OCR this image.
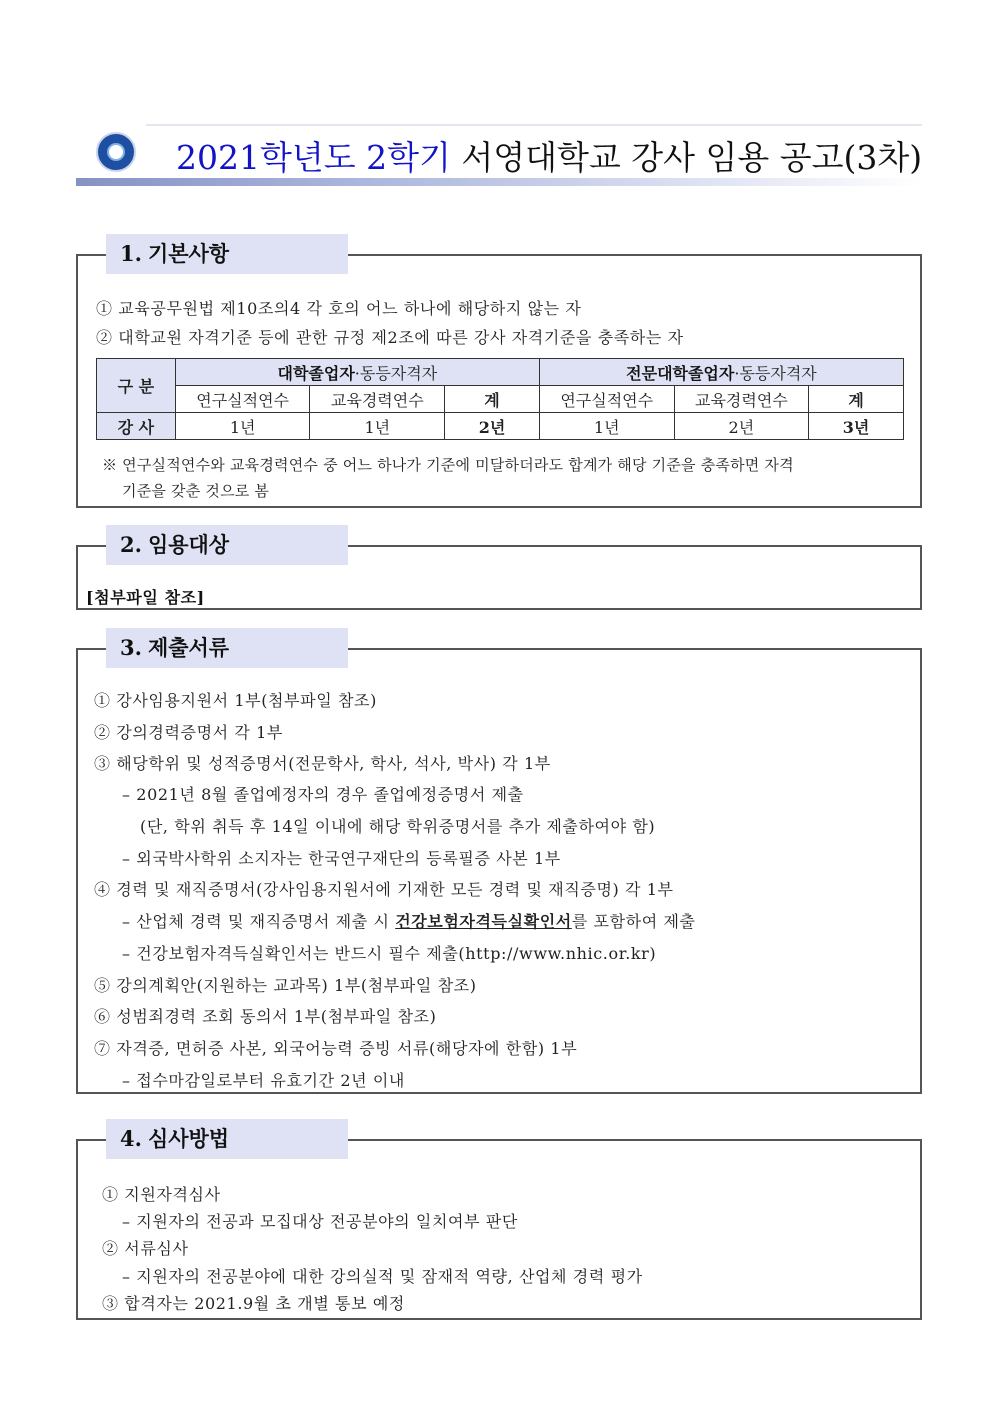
2021학년도 2학기 서영대학교 강사 임용 공고(3차)
1. 기본사항
① 교육공무원법 제10조의4 각 호의 어느 하나에 해당하지 않는 자
② 대학교원 자격기준 등에 관한 규정 제2조에 따른 강사 자격기준을 충족하는 자
구 분	대학졸업자·동등자격자			전문대학졸업자·동등자격자		
	연구실적연수	교육경력연수	계	연구실적연수	교육경력연수	계
강 사	1년	1년	2년	1년	2년	3년
※ 연구실적연수와 교육경력연수 중 어느 하나가 기준에 미달하더라도 합계가 해당 기준을 충족하면 자격
기준을 갖춘 것으로 봄
2. 임용대상
[첨부파일 참조]
3. 제출서류
① 강사임용지원서 1부(첨부파일 참조)
② 강의경력증명서 각 1부
③ 해당학위 및 성적증명서(전문학사, 학사, 석사, 박사) 각 1부
– 2021년 8월 졸업예정자의 경우 졸업예정증명서 제출
(단, 학위 취득 후 14일 이내에 해당 학위증명서를 추가 제출하여야 함)
– 외국박사학위 소지자는 한국연구재단의 등록필증 사본 1부
④ 경력 및 재직증명서(강사임용지원서에 기재한 모든 경력 및 재직증명) 각 1부
– 산업체 경력 및 재직증명서 제출 시 건강보험자격득실확인서를 포함하여 제출
– 건강보험자격득실확인서는 반드시 필수 제출(http://www.nhic.or.kr)
⑤ 강의계획안(지원하는 교과목) 1부(첨부파일 참조)
⑥ 성범죄경력 조회 동의서 1부(첨부파일 참조)
⑦ 자격증, 면허증 사본, 외국어능력 증빙 서류(해당자에 한함) 1부
– 접수마감일로부터 유효기간 2년 이내
4. 심사방법
① 지원자격심사
– 지원자의 전공과 모집대상 전공분야의 일치여부 판단
② 서류심사
– 지원자의 전공분야에 대한 강의실적 및 잠재적 역량, 산업체 경력 평가
③ 합격자는 2021.9월 초 개별 통보 예정
